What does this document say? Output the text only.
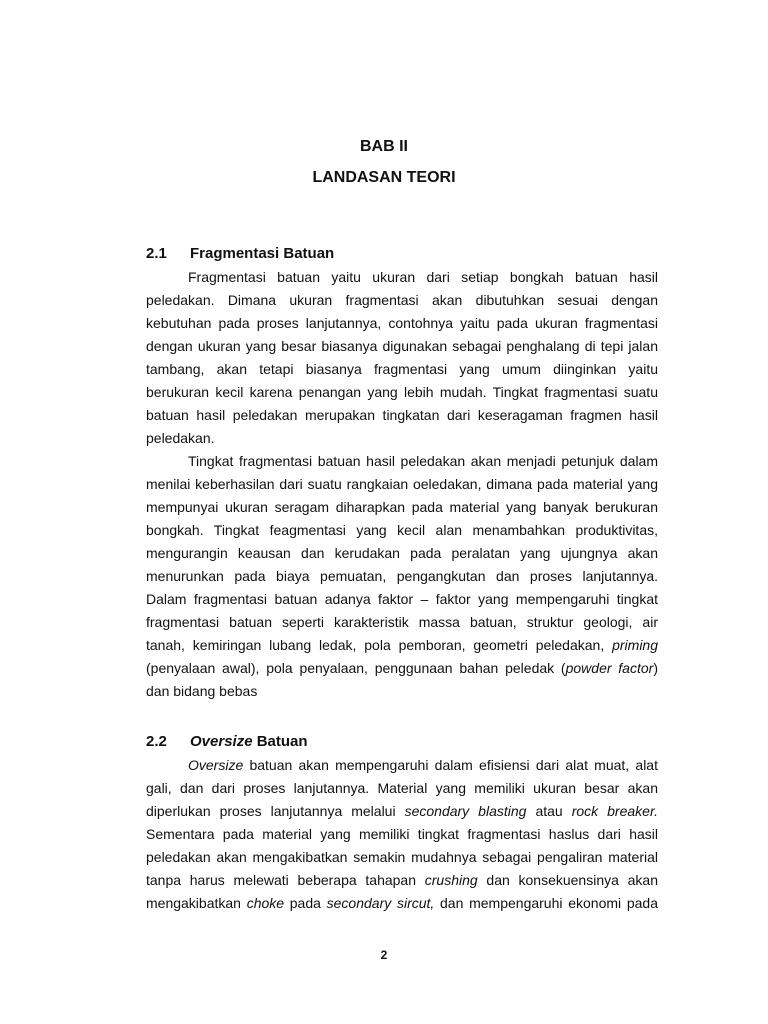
BAB II
LANDASAN TEORI
2.1 Fragmentasi Batuan
Fragmentasi batuan yaitu ukuran dari setiap bongkah batuan hasil
peledakan. Dimana ukuran fragmentasi akan dibutuhkan sesuai dengan
kebutuhan pada proses lanjutannya, contohnya yaitu pada ukuran fragmentasi
dengan ukuran yang besar biasanya digunakan sebagai penghalang di tepi jalan
tambang, akan tetapi biasanya fragmentasi yang umum diinginkan yaitu
berukuran kecil karena penangan yang lebih mudah. Tingkat fragmentasi suatu
batuan hasil peledakan merupakan tingkatan dari keseragaman fragmen hasil
peledakan.
Tingkat fragmentasi batuan hasil peledakan akan menjadi petunjuk dalam
menilai keberhasilan dari suatu rangkaian oeledakan, dimana pada material yang
mempunyai ukuran seragam diharapkan pada material yang banyak berukuran
bongkah. Tingkat feagmentasi yang kecil alan menambahkan produktivitas,
mengurangin keausan dan kerudakan pada peralatan yang ujungnya akan
menurunkan pada biaya pemuatan, pengangkutan dan proses lanjutannya.
Dalam fragmentasi batuan adanya faktor – faktor yang mempengaruhi tingkat
fragmentasi batuan seperti karakteristik massa batuan, struktur geologi, air
tanah, kemiringan lubang ledak, pola pemboran, geometri peledakan, priming
(penyalaan awal), pola penyalaan, penggunaan bahan peledak (powder factor)
dan bidang bebas
2.2 Oversize Batuan
Oversize batuan akan mempengaruhi dalam efisiensi dari alat muat, alat
gali, dan dari proses lanjutannya. Material yang memiliki ukuran besar akan
diperlukan proses lanjutannya melalui secondary blasting atau rock breaker.
Sementara pada material yang memiliki tingkat fragmentasi haslus dari hasil
peledakan akan mengakibatkan semakin mudahnya sebagai pengaliran material
tanpa harus melewati beberapa tahapan crushing dan konsekuensinya akan
mengakibatkan choke pada secondary sircut, dan mempengaruhi ekonomi pada
2
